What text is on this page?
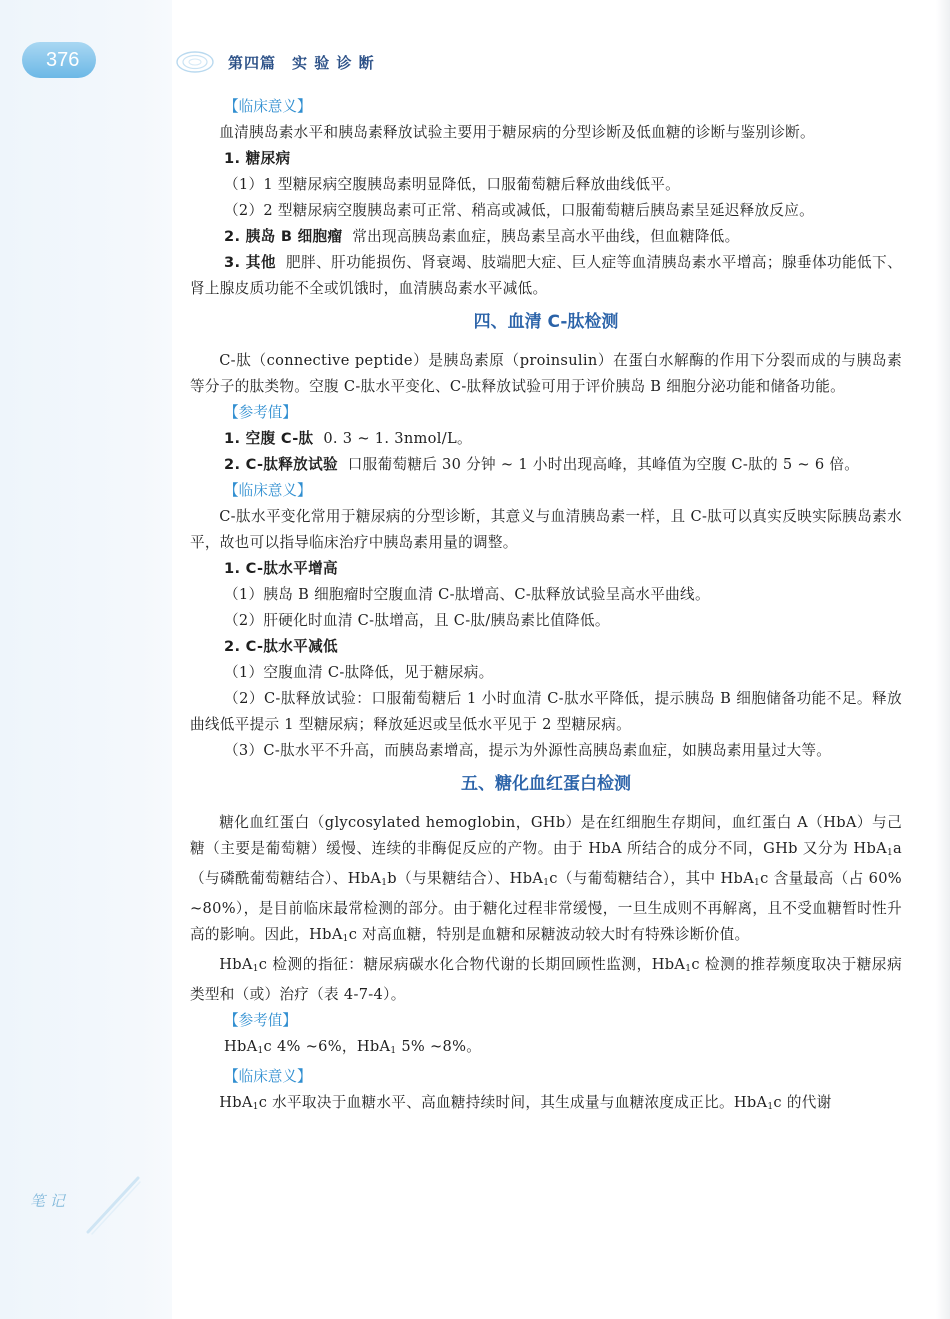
376	第四篇　实 验 诊 断
笔 记

【临床意义】

血清胰岛素水平和胰岛素释放试验主要用于糖尿病的分型诊断及低血糖的诊断与鉴别诊断。

1. 糖尿病

（1）1 型糖尿病空腹胰岛素明显降低，口服葡萄糖后释放曲线低平。

（2）2 型糖尿病空腹胰岛素可正常、稍高或减低，口服葡萄糖后胰岛素呈延迟释放反应。

2. 胰岛 B 细胞瘤 常出现高胰岛素血症，胰岛素呈高水平曲线，但血糖降低。

3. 其他 肥胖、肝功能损伤、肾衰竭、肢端肥大症、巨人症等血清胰岛素水平增高；腺垂体功能低下、肾上腺皮质功能不全或饥饿时，血清胰岛素水平减低。

四、血清 C-肽检测

C-肽（connective peptide）是胰岛素原（proinsulin）在蛋白水解酶的作用下分裂而成的与胰岛素等分子的肽类物。空腹 C-肽水平变化、C-肽释放试验可用于评价胰岛 B 细胞分泌功能和储备功能。

【参考值】

1. 空腹 C-肽 0. 3 ~ 1. 3nmol/L。

2. C-肽释放试验 口服葡萄糖后 30 分钟 ~ 1 小时出现高峰，其峰值为空腹 C-肽的 5 ~ 6 倍。

【临床意义】

C-肽水平变化常用于糖尿病的分型诊断，其意义与血清胰岛素一样，且 C-肽可以真实反映实际胰岛素水平，故也可以指导临床治疗中胰岛素用量的调整。

1. C-肽水平增高

（1）胰岛 B 细胞瘤时空腹血清 C-肽增高、C-肽释放试验呈高水平曲线。

（2）肝硬化时血清 C-肽增高，且 C-肽/胰岛素比值降低。

2. C-肽水平减低

（1）空腹血清 C-肽降低，见于糖尿病。

（2）C-肽释放试验：口服葡萄糖后 1 小时血清 C-肽水平降低，提示胰岛 B 细胞储备功能不足。释放曲线低平提示 1 型糖尿病；释放延迟或呈低水平见于 2 型糖尿病。

（3）C-肽水平不升高，而胰岛素增高，提示为外源性高胰岛素血症，如胰岛素用量过大等。

五、糖化血红蛋白检测

糖化血红蛋白（glycosylated hemoglobin，GHb）是在红细胞生存期间，血红蛋白 A（HbA）与己糖（主要是葡萄糖）缓慢、连续的非酶促反应的产物。由于 HbA 所结合的成分不同，GHb 又分为 HbA$_1$a（与磷酰葡萄糖结合）、HbA$_1$b（与果糖结合）、HbA$_1$c（与葡萄糖结合），其中 HbA$_1$c 含量最高（占 60% ~80%），是目前临床最常检测的部分。由于糖化过程非常缓慢，一旦生成则不再解离，且不受血糖暂时性升高的影响。因此，HbA$_1$c 对高血糖，特别是血糖和尿糖波动较大时有特殊诊断价值。

HbA$_1$c 检测的指征：糖尿病碳水化合物代谢的长期回顾性监测，HbA$_1$c 检测的推荐频度取决于糖尿病类型和（或）治疗（表 4-7-4）。

【参考值】

HbA$_1$c 4% ~6%，HbA$_1$ 5% ~8%。

【临床意义】

HbA$_1$c 水平取决于血糖水平、高血糖持续时间，其生成量与血糖浓度成正比。HbA$_1$c 的代谢
